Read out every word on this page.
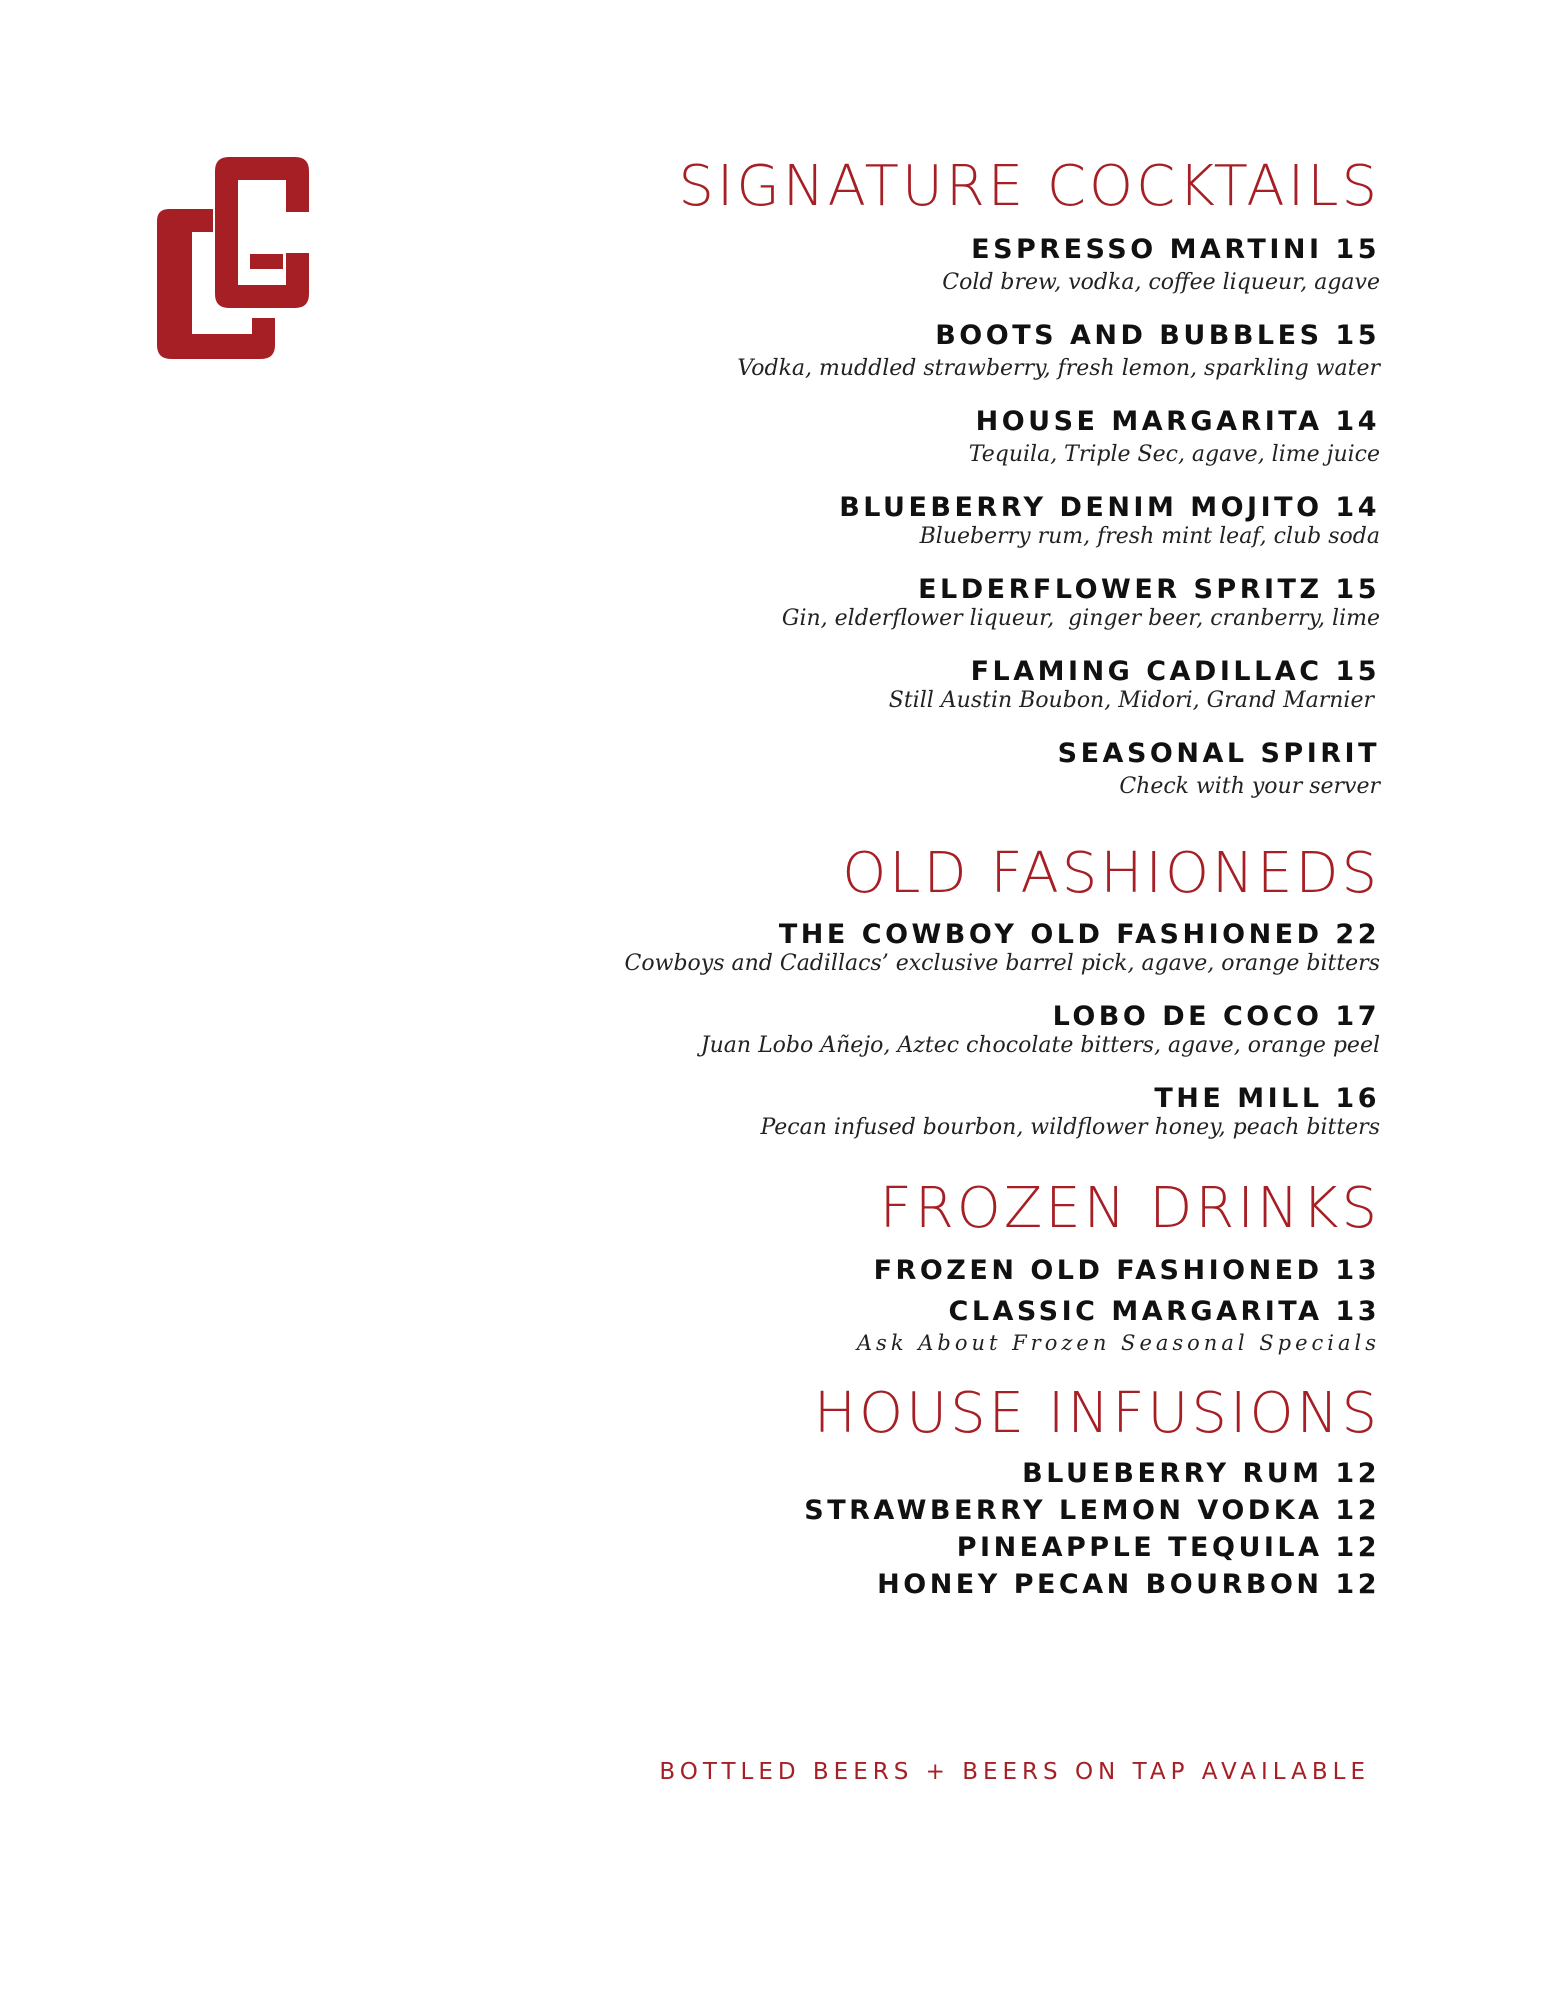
SIGNATURE COCKTAILS

ESPRESSO MARTINI 15

Cold brew, vodka, coffee liqueur, agave

BOOTS AND BUBBLES 15

Vodka, muddled strawberry, fresh lemon, sparkling water

HOUSE MARGARITA 14

Tequila, Triple Sec, agave, lime juice

BLUEBERRY DENIM MOJITO 14

Blueberry rum, fresh mint leaf, club soda

ELDERFLOWER SPRITZ 15

Gin, elderflower liqueur,  ginger beer, cranberry, lime

FLAMING CADILLAC 15

Still Austin Boubon, Midori, Grand Marnier

SEASONAL SPIRIT

Check with your server

OLD FASHIONEDS

THE COWBOY OLD FASHIONED 22

Cowboys and Cadillacs’ exclusive barrel pick, agave, orange bitters

LOBO DE COCO 17

Juan Lobo Añejo, Aztec chocolate bitters, agave, orange peel

THE MILL 16

Pecan infused bourbon, wildflower honey, peach bitters

FROZEN DRINKS

FROZEN OLD FASHIONED 13

CLASSIC MARGARITA 13

Ask About Frozen Seasonal Specials

HOUSE INFUSIONS

BLUEBERRY RUM 12

STRAWBERRY LEMON VODKA 12

PINEAPPLE TEQUILA 12

HONEY PECAN BOURBON 12

BOTTLED BEERS + BEERS ON TAP AVAILABLE
